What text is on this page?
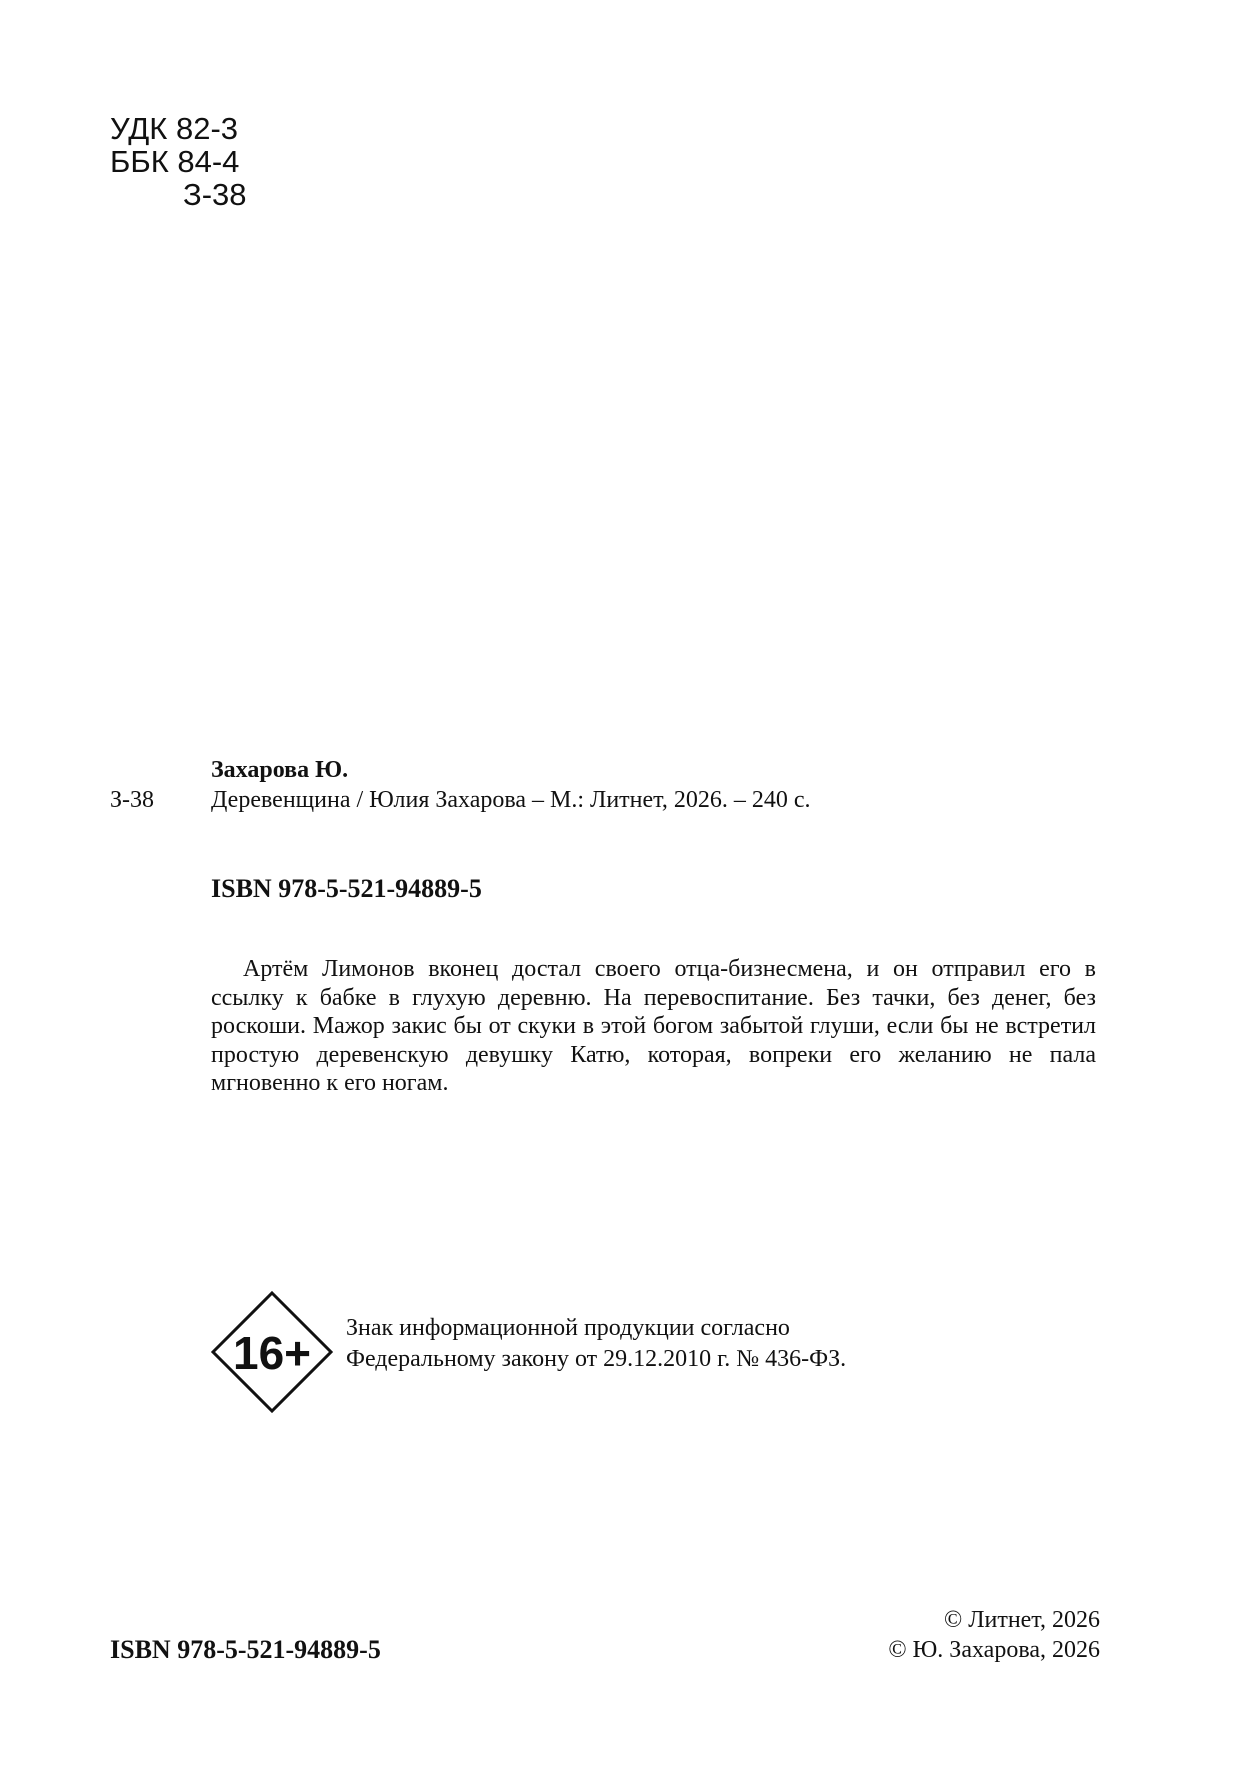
УДК 82-3
ББК 84-4
З-38
Захарова Ю.
З-38 Деревенщина / Юлия Захарова – М.: Литнет, 2026. – 240 с.
ISBN 978-5-521-94889-5

Артём Лимонов вконец достал своего отца-бизнесмена, и он отправил его в ссылку к бабке в глухую деревню. На перевоспитание. Без тачки, без денег, без роскоши. Мажор закис бы от скуки в этой богом забытой глуши, если бы не встретил простую деревенскую девушку Катю, которая, вопреки его желанию не пала мгновенно к его ногам.

16+ Знак информационной продукции согласно
Федеральному закону от 29.12.2010 г. № 436-ФЗ.
ISBN 978-5-521-94889-5
© Литнет, 2026
© Ю. Захарова, 2026
